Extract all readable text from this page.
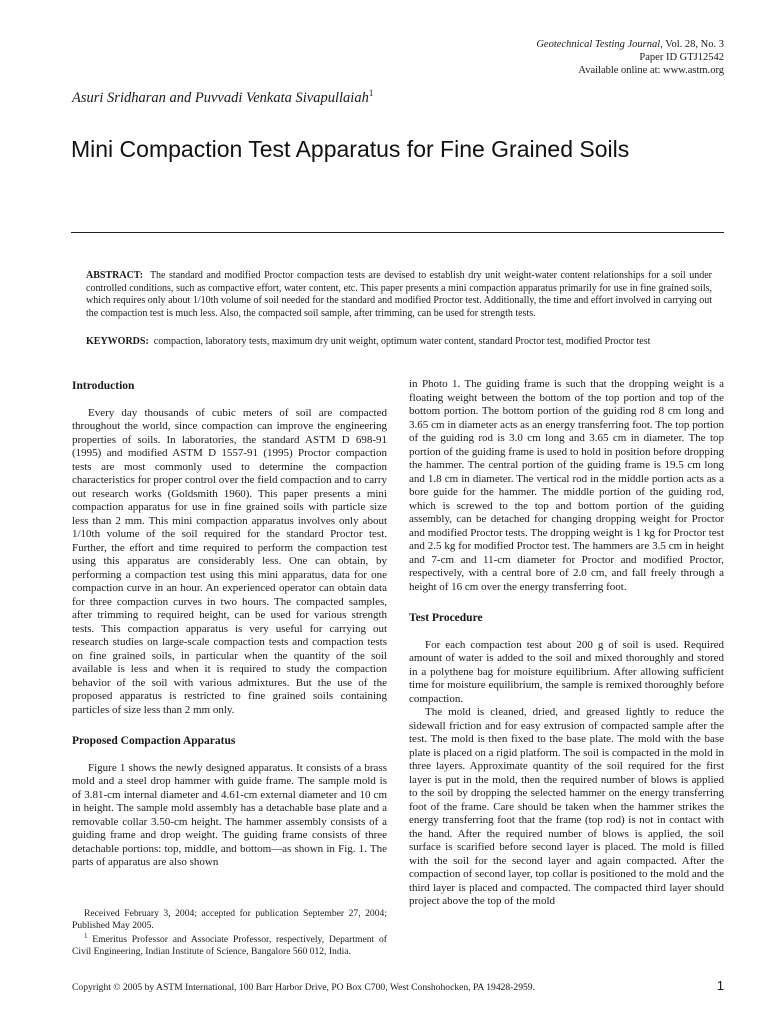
Geotechnical Testing Journal, Vol. 28, No. 3
Paper ID GTJ12542
Available online at: www.astm.org
Asuri Sridharan and Puvvadi Venkata Sivapullaiah$^1$
Mini Compaction Test Apparatus for Fine Grained Soils

ABSTRACT: The standard and modified Proctor compaction tests are devised to establish dry unit weight-water content relationships for a soil under controlled conditions, such as compactive effort, water content, etc. This paper presents a mini compaction apparatus primarily for use in fine grained soils, which requires only about 1/10th volume of soil needed for the standard and modified Proctor test. Additionally, the time and effort involved in carrying out the compaction test is much less. Also, the compacted soil sample, after trimming, can be used for strength tests.

KEYWORDS: compaction, laboratory tests, maximum dry unit weight, optimum water content, standard Proctor test, modified Proctor test

Introduction

Every day thousands of cubic meters of soil are compacted throughout the world, since compaction can improve the engineering properties of soils. In laboratories, the standard ASTM D 698-91 (1995) and modified ASTM D 1557-91 (1995) Proctor compaction tests are most commonly used to determine the compaction characteristics for proper control over the field compaction and to carry out research works (Goldsmith 1960). This paper presents a mini compaction apparatus for use in fine grained soils with particle size less than 2 mm. This mini compaction apparatus involves only about 1/10th volume of the soil required for the standard Proctor test. Further, the effort and time required to perform the compaction test using this apparatus are considerably less. One can obtain, by performing a compaction test using this mini apparatus, data for one compaction curve in an hour. An experienced operator can obtain data for three compaction curves in two hours. The compacted samples, after trimming to required height, can be used for various strength tests. This compaction apparatus is very useful for carrying out research studies on large-scale compaction tests and compaction tests on fine grained soils, in particular when the quantity of the soil available is less and when it is required to study the compaction behavior of the soil with various admixtures. But the use of the proposed apparatus is restricted to fine grained soils containing particles of size less than 2 mm only.

Proposed Compaction Apparatus

Figure 1 shows the newly designed apparatus. It consists of a brass mold and a steel drop hammer with guide frame. The sample mold is of 3.81-cm internal diameter and 4.61-cm external diameter and 10 cm in height. The sample mold assembly has a detachable base plate and a removable collar 3.50-cm height. The hammer assembly consists of a guiding frame and drop weight. The guiding frame consists of three detachable portions: top, middle, and bottom—as shown in Fig. 1. The parts of apparatus are also shown

in Photo 1. The guiding frame is such that the dropping weight is a floating weight between the bottom of the top portion and top of the bottom portion. The bottom portion of the guiding rod 8 cm long and 3.65 cm in diameter acts as an energy transferring foot. The top portion of the guiding rod is 3.0 cm long and 3.65 cm in diameter. The top portion of the guiding frame is used to hold in position before dropping the hammer. The central portion of the guiding frame is 19.5 cm long and 1.8 cm in diameter. The vertical rod in the middle portion acts as a bore guide for the hammer. The middle portion of the guiding rod, which is screwed to the top and bottom portion of the guiding assembly, can be detached for changing dropping weight for Proctor and modified Proctor tests. The dropping weight is 1 kg for Proctor test and 2.5 kg for modified Proctor test. The hammers are 3.5 cm in height and 7-cm and 11-cm diameter for Proctor and modified Proctor, respectively, with a central bore of 2.0 cm, and fall freely through a height of 16 cm over the energy transferring foot.

Test Procedure

For each compaction test about 200 g of soil is used. Required amount of water is added to the soil and mixed thoroughly and stored in a polythene bag for moisture equilibrium. After allowing sufficient time for moisture equilibrium, the sample is remixed thoroughly before compaction.

The mold is cleaned, dried, and greased lightly to reduce the sidewall friction and for easy extrusion of compacted sample after the test. The mold is then fixed to the base plate. The mold with the base plate is placed on a rigid platform. The soil is compacted in the mold in three layers. Approximate quantity of the soil required for the first layer is put in the mold, then the required number of blows is applied to the soil by dropping the selected hammer on the energy transferring foot of the frame. Care should be taken when the hammer strikes the energy transferring foot that the frame (top rod) is not in contact with the hand. After the required number of blows is applied, the soil surface is scarified before second layer is placed. The mold is filled with the soil for the second layer and again compacted. After the compaction of second layer, top collar is positioned to the mold and the third layer is placed and compacted. The compacted third layer should project above the top of the mold

Received February 3, 2004; accepted for publication September 27, 2004; Published May 2005.

$^1$ Emeritus Professor and Associate Professor, respectively, Department of Civil Engineering, Indian Institute of Science, Bangalore 560 012, India.

Copyright © 2005 by ASTM International, 100 Barr Harbor Drive, PO Box C700, West Conshohocken, PA 19428-2959.	1
